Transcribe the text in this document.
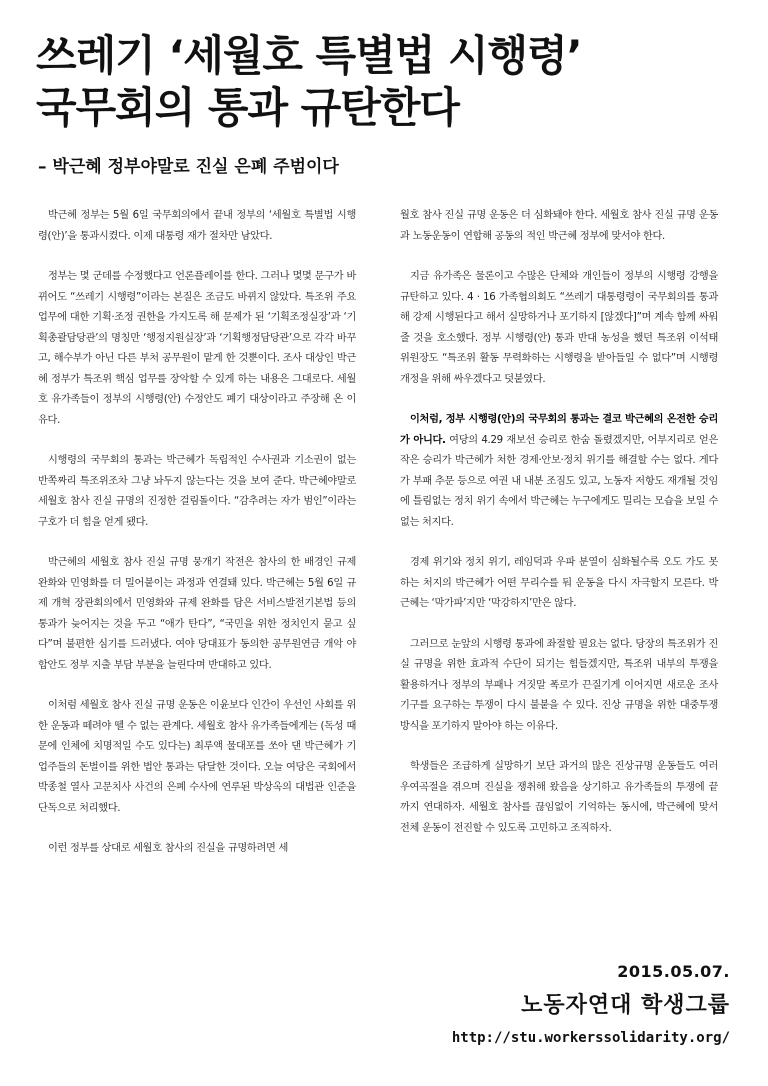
쓰레기 ‘세월호 특별법 시행령’
국무회의 통과 규탄한다
– 박근혜 정부야말로 진실 은폐 주범이다

박근혜 정부는 5월 6일 국무회의에서 끝내 정부의 ‘세월호 특별법 시행령(안)’을 통과시켰다. 이제 대통령 재가 절차만 남았다.

정부는 몇 군데를 수정했다고 언론플레이를 한다. 그러나 몇몇 문구가 바뀌어도 “쓰레기 시행령”이라는 본질은 조금도 바뀌지 않았다. 특조위 주요 업무에 대한 기획·조정 권한을 가지도록 해 문제가 된 ‘기획조정실장’과 ‘기획총괄담당관’의 명칭만 ‘행정지원실장’과 ‘기획행정담당관’으로 각각 바꾸고, 해수부가 아닌 다른 부처 공무원이 맡게 한 것뿐이다. 조사 대상인 박근혜 정부가 특조위 핵심 업무를 장악할 수 있게 하는 내용은 그대로다. 세월호 유가족들이 정부의 시행령(안) 수정안도 폐기 대상이라고 주장해 온 이유다.

시행령의 국무회의 통과는 박근혜가 독립적인 수사권과 기소권이 없는 반쪽짜리 특조위조차 그냥 놔두지 않는다는 것을 보여 준다. 박근혜야말로 세월호 참사 진실 규명의 진정한 걸림돌이다. “감추려는 자가 범인”이라는 구호가 더 힘을 얻게 됐다.

박근혜의 세월호 참사 진실 규명 뭉개기 작전은 참사의 한 배경인 규제 완화와 민영화를 더 밀어붙이는 과정과 연결돼 있다. 박근혜는 5월 6일 규제 개혁 장관회의에서 민영화와 규제 완화를 담은 서비스발전기본법 등의 통과가 늦어지는 것을 두고 “애가 탄다”, “국민을 위한 정치인지 묻고 싶다”며 불편한 심기를 드러냈다. 여야 당대표가 동의한 공무원연금 개악 야합안도 정부 지출 부담 부분을 늘린다며 반대하고 있다.

이처럼 세월호 참사 진실 규명 운동은 이윤보다 인간이 우선인 사회를 위한 운동과 떼려야 뗄 수 없는 관계다. 세월호 참사 유가족들에게는 (독성 때문에 인체에 치명적일 수도 있다는) 최루액 물대포를 쏘아 댄 박근혜가 기업주들의 돈벌이를 위한 법안 통과는 닦달한 것이다. 오늘 여당은 국회에서 박종철 열사 고문치사 사건의 은폐 수사에 연루된 박상옥의 대법관 인준을 단독으로 처리했다.

이런 정부를 상대로 세월호 참사의 진실을 규명하려면 세

월호 참사 진실 규명 운동은 더 심화돼야 한다. 세월호 참사 진실 규명 운동과 노동운동이 연합해 공동의 적인 박근혜 정부에 맞서야 한다.

지금 유가족은 물론이고 수많은 단체와 개인들이 정부의 시행령 강행을 규탄하고 있다. 4 · 16 가족협의회도 “쓰레기 대통령령이 국무회의를 통과해 강제 시행된다고 해서 실망하거나 포기하지 [않겠다]”며 계속 함께 싸워 줄 것을 호소했다. 정부 시행령(안) 통과 반대 농성을 했던 특조위 이석태 위원장도 “특조위 활동 무력화하는 시행령을 받아들일 수 없다”며 시행령 개정을 위해 싸우겠다고 덧붙였다.

이처럼, 정부 시행령(안)의 국무회의 통과는 결코 박근혜의 온전한 승리가 아니다. 여당의 4.29 재보선 승리로 한숨 돌렸겠지만, 어부지리로 얻은 작은 승리가 박근혜가 처한 경제·안보·정치 위기를 해결할 수는 없다. 게다가 부패 추문 등으로 여권 내 내분 조짐도 있고, 노동자 저항도 재개될 것임에 틀림없는 정치 위기 속에서 박근혜는 누구에게도 밀리는 모습을 보일 수 없는 처지다.

경제 위기와 정치 위기, 레임덕과 우파 분열이 심화될수록 오도 가도 못하는 처지의 박근혜가 어떤 무리수를 둬 운동을 다시 자극할지 모른다. 박근혜는 ‘막가파’지만 ‘막강하지’만은 않다.

그러므로 눈앞의 시행령 통과에 좌절할 필요는 없다. 당장의 특조위가 진실 규명을 위한 효과적 수단이 되기는 힘들겠지만, 특조위 내부의 투쟁을 활용하거나 정부의 부패나 거짓말 폭로가 끈질기게 이어지면 새로운 조사기구를 요구하는 투쟁이 다시 불붙을 수 있다. 진상 규명을 위한 대중투쟁 방식을 포기하지 말아야 하는 이유다.

학생들은 조급하게 실망하기 보단 과거의 많은 진상규명 운동들도 여러 우여곡절을 겪으며 진실을 쟁취해 왔음을 상기하고 유가족들의 투쟁에 끝까지 연대하자. 세월호 참사를 끊임없이 기억하는 동시에, 박근혜에 맞서 전체 운동이 전진할 수 있도록 고민하고 조직하자.

2015.05.07.
노동자연대 학생그룹
http://stu.workerssolidarity.org/
